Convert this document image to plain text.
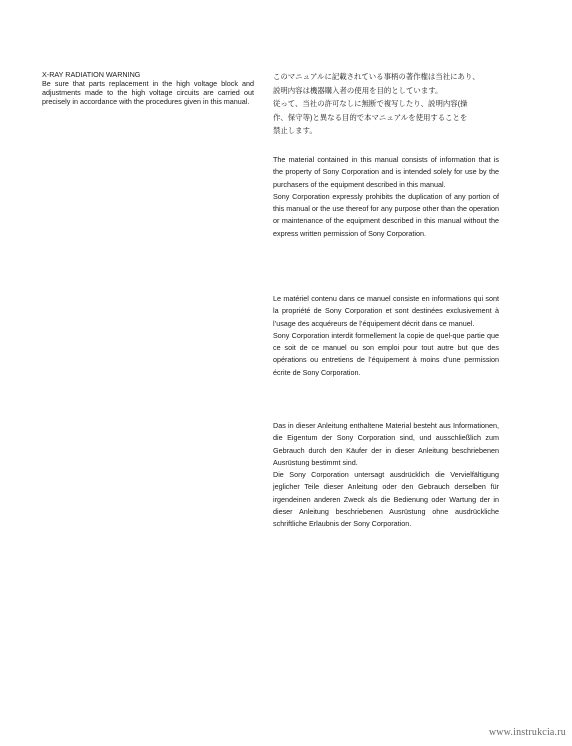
X-RAY RADIATION WARNING

Be sure that parts replacement in the high voltage block and adjustments made to the high voltage circuits are carried out precisely in accordance with the procedures given in this manual.

このマニュアルに記載されている事柄の著作権は当社にあり、
説明内容は機器購入者の使用を目的としています。
従って、当社の許可なしに無断で複写したり、説明内容(操
作、保守等)と異なる目的で本マニュアルを使用することを
禁止します。

The material contained in this manual consists of information that is the property of Sony Corporation and is intended solely for use by the purchasers of the equipment described in this manual.

Sony Corporation expressly prohibits the duplication of any portion of this manual or the use thereof for any purpose other than the operation or maintenance of the equipment described in this manual without the express written permission of Sony Corporation.

Le matériel contenu dans ce manuel consiste en informations qui sont la propriété de Sony Corporation et sont destinées exclusivement à l’usage des acquéreurs de l’équipement décrit dans ce manuel.

Sony Corporation interdit formellement la copie de quel-que partie que ce soit de ce manuel ou son emploi pour tout autre but que des opérations ou entretiens de l’équipement à moins d’une permission écrite de Sony Corporation.

Das in dieser Anleitung enthaltene Material besteht aus Informationen, die Eigentum der Sony Corporation sind, und ausschließlich zum Gebrauch durch den Käufer der in dieser Anleitung beschriebenen Ausrüstung bestimmt sind.

Die Sony Corporation untersagt ausdrücklich die Vervielfältigung jeglicher Teile dieser Anleitung oder den Gebrauch derselben für irgendeinen anderen Zweck als die Bedienung oder Wartung der in dieser Anleitung beschriebenen Ausrüstung ohne ausdrückliche schriftliche Erlaubnis der Sony Corporation.

www.instrukcia.ru
